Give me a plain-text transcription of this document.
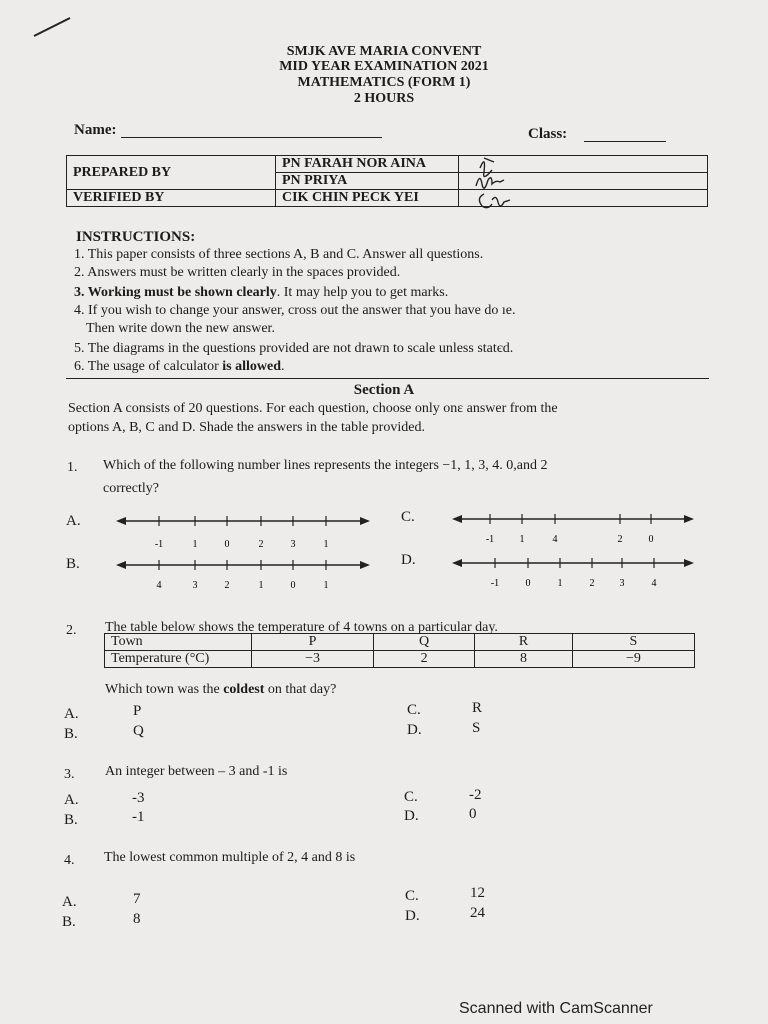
SMJK AVE MARIA CONVENT
MID YEAR EXAMINATION 2021
MATHEMATICS (FORM 1)
2 HOURS
Name:	Class:
PREPARED BY	PN FARAH NOR AINA	
	PN PRIYA	
VERIFIED BY	CIK CHIN PECK YEI	
INSTRUCTIONS:
1. This paper consists of three sections A, B and C. Answer all questions.
2. Answers must be written clearly in the spaces provided.
3. Working must be shown clearly. It may help you to get marks.
4. If you wish to change your answer, cross out the answer that you have do ıe.
Then write down the new answer.
5. The diagrams in the questions provided are not drawn to scale unless statєd.
6. The usage of calculator is allowed.
Section A
Section A consists of 20 questions. For each question, choose only onε answer from the
options A, B, C and D. Shade the answers in the table provided.
1. Which of the following number lines represents the integers −1, 1, 3, 4. 0,and 2
correctly?
A.
B.
C.
D.
-1	1	0	2	3	1
4	3	2	1	0	1
-1	1	4	2	0
-1	0	1	2	3	4
2. The table below shows the temperature of 4 towns on a particular day.
Town	P	Q	R	S
Temperature (°C)	−3	2	8	−9
Which town was the coldest on that day?
A.	P
B.	Q
C.	R
D.	S
3. An integer between – 3 and -1 is
A.	-3
B.	-1
C.	-2
D.	0
4. The lowest common multiple of 2, 4 and 8 is
A.	7
B.	8
C.	12
D.	24
Scanned with CamScanner
